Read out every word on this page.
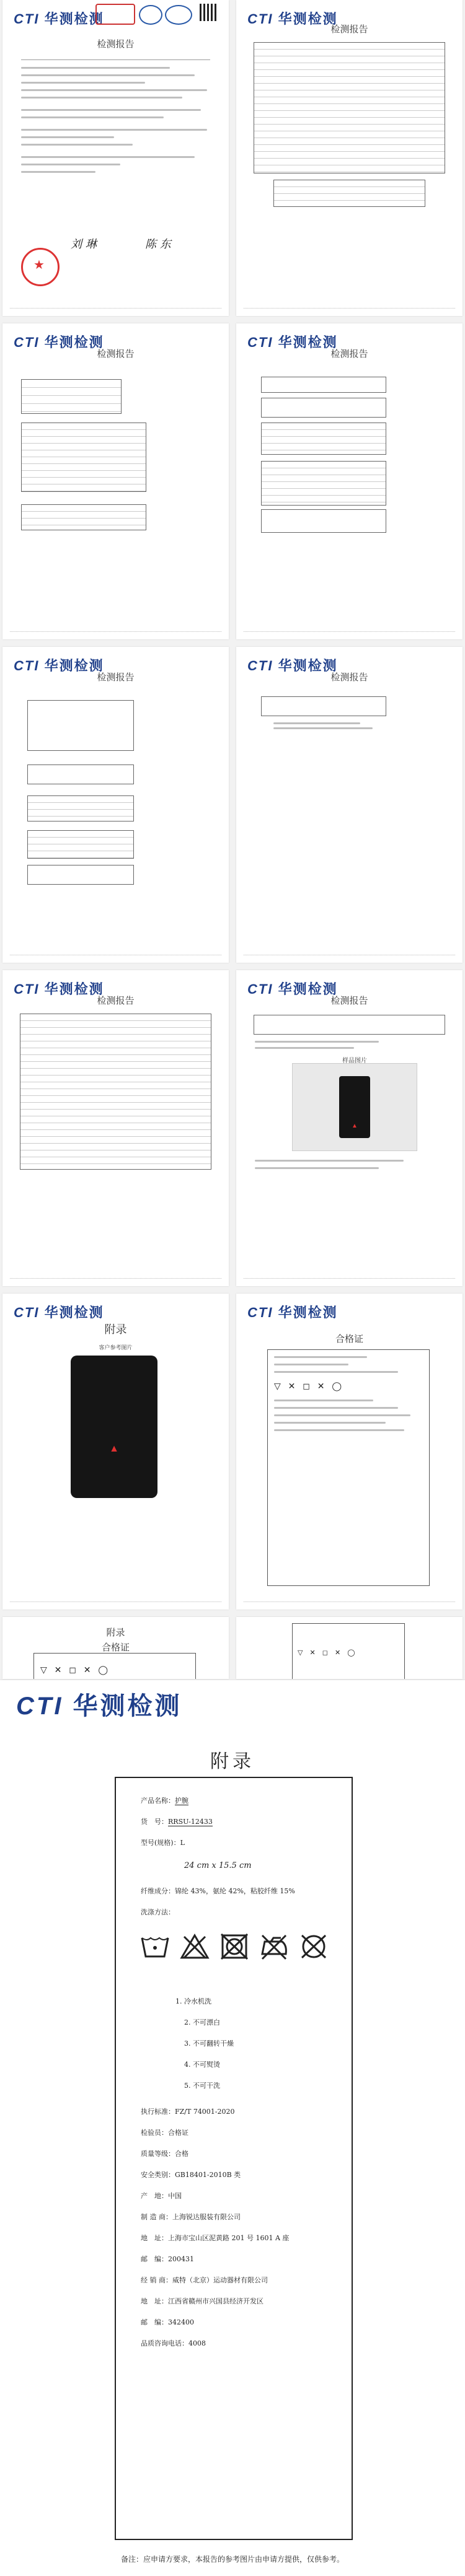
CTI 华测检测
检测报告
刘 琳	陈 东
★
CTI 华测检测
检测报告
CTI 华测检测
检测报告
CTI 华测检测
检测报告
CTI 华测检测
检测报告
CTI 华测检测
检测报告
CTI 华测检测
检测报告
CTI 华测检测
检测报告
样品图片
▲
CTI 华测检测
附录
客户参考图片
▲
CTI 华测检测
合格证
▽ ✕ ◻ ✕ ◯
附录
合格证
▽ ✕ ◻ ✕ ◯
▽ ✕ ◻ ✕ ◯
CTI 华测检测
附录
产品名称：护腕
货　号：RRSU-12433
型号(规格)：L
24 cm x 15.5 cm
纤维成分：锦纶 43%，氨纶 42%，粘胶纤维 15%
洗涤方法：
1. 冷水机洗
2. 不可漂白
3. 不可翻转干燥
4. 不可熨烫
5. 不可干洗
执行标准：FZ/T 74001-2020
检验员：合格证
质量等级：合格
安全类别：GB18401-2010B 类
产　地：中国
制 造 商：上海锐达服装有限公司
地　址：上海市宝山区泥黄路 201 号 1601 A 座
邮　编：200431
经 销 商：威特（北京）运动器材有限公司
地　址：江西省赣州市兴国县经济开发区
邮　编：342400
品质咨询电话：4008
备注：应申请方要求，本报告的参考图片由申请方提供，仅供参考。
